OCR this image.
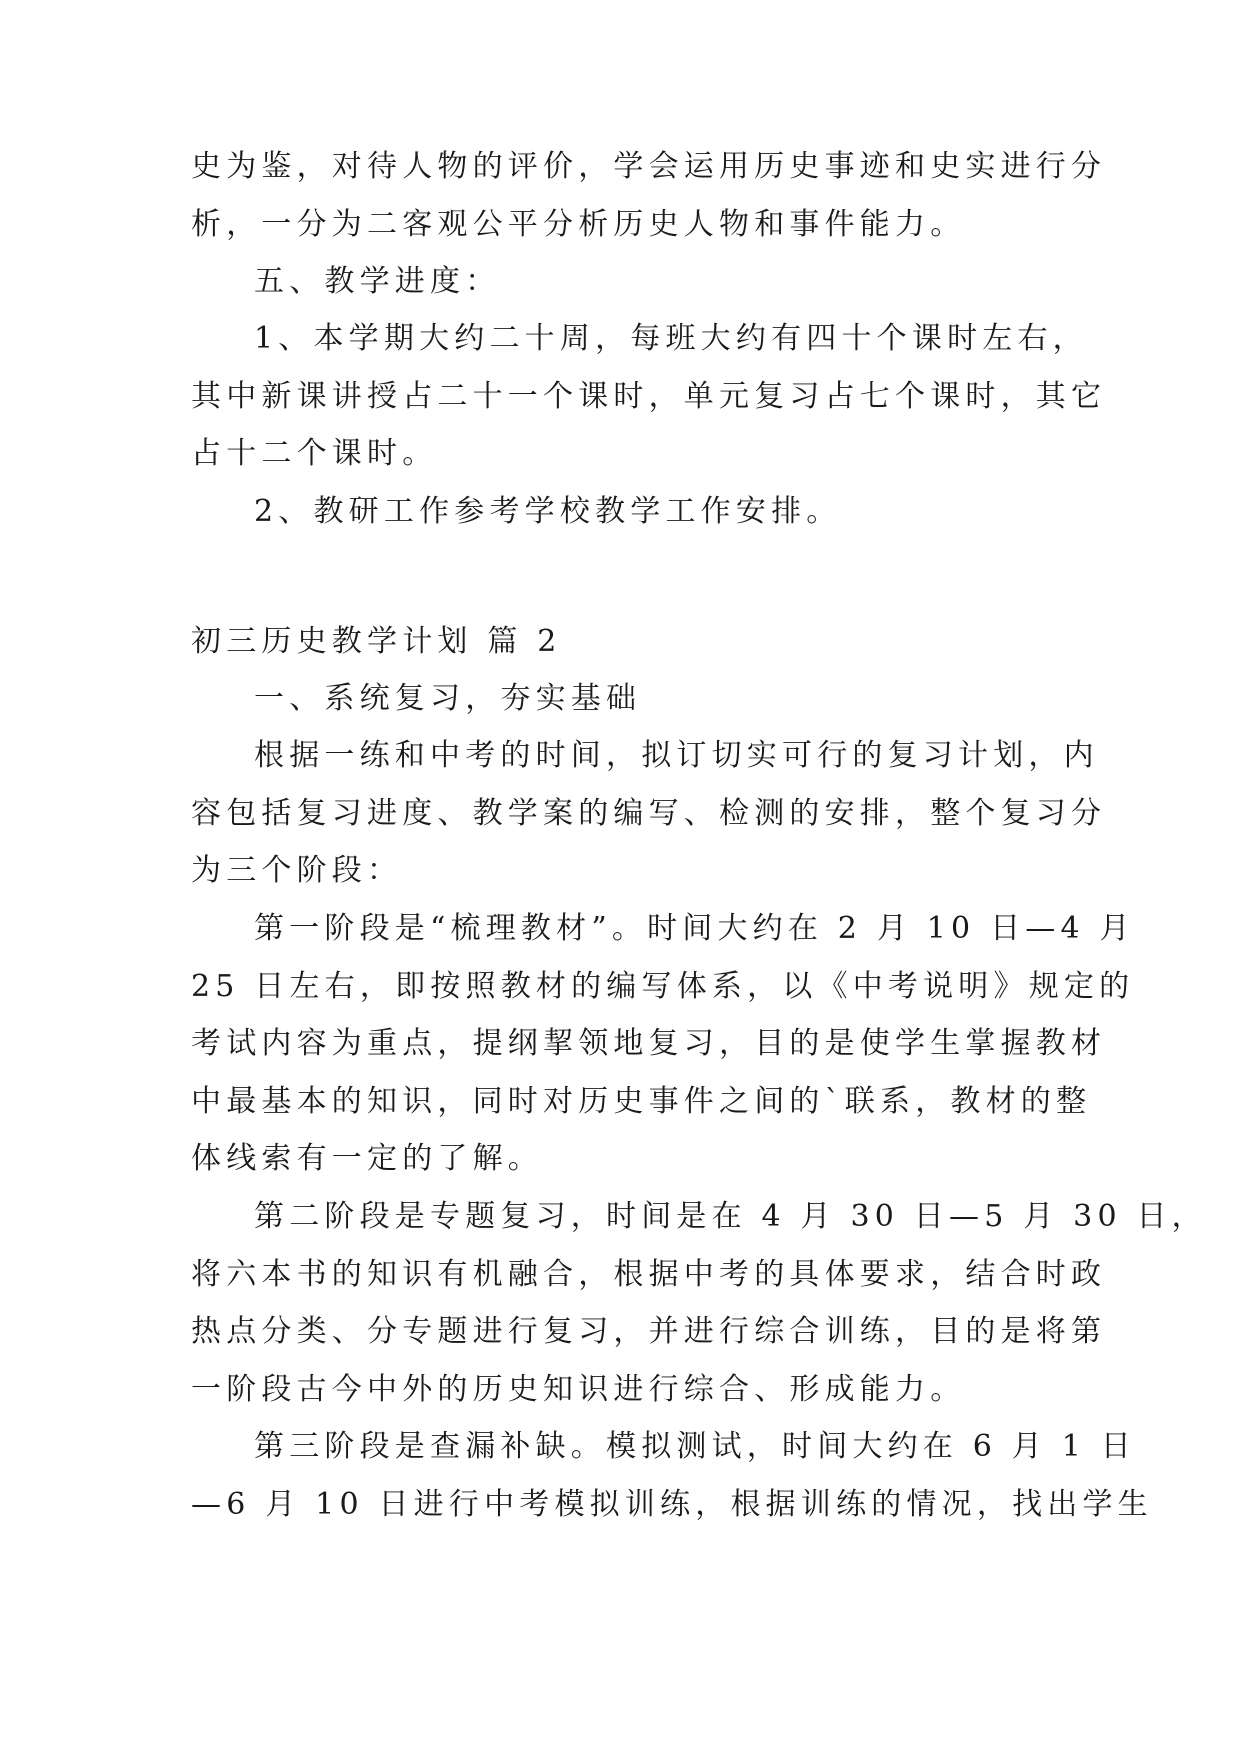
史为鉴，对待人物的评价，学会运用历史事迹和史实进行分
析，一分为二客观公平分析历史人物和事件能力。
五、教学进度：
1、本学期大约二十周，每班大约有四十个课时左右，
其中新课讲授占二十一个课时，单元复习占七个课时，其它
占十二个课时。
2、教研工作参考学校教学工作安排。
初三历史教学计划 篇 2
一、系统复习，夯实基础
根据一练和中考的时间，拟订切实可行的复习计划，内
容包括复习进度、教学案的编写、检测的安排，整个复习分
为三个阶段：
第一阶段是“梳理教材”。时间大约在 2 月 10 日—4 月
25 日左右，即按照教材的编写体系，以《中考说明》规定的
考试内容为重点，提纲挈领地复习，目的是使学生掌握教材
中最基本的知识，同时对历史事件之间的`联系，教材的整
体线索有一定的了解。
第二阶段是专题复习，时间是在 4 月 30 日—5 月 30 日，
将六本书的知识有机融合，根据中考的具体要求，结合时政
热点分类、分专题进行复习，并进行综合训练，目的是将第
一阶段古今中外的历史知识进行综合、形成能力。
第三阶段是查漏补缺。模拟测试，时间大约在 6 月 1 日
—6 月 10 日进行中考模拟训练，根据训练的情况，找出学生
